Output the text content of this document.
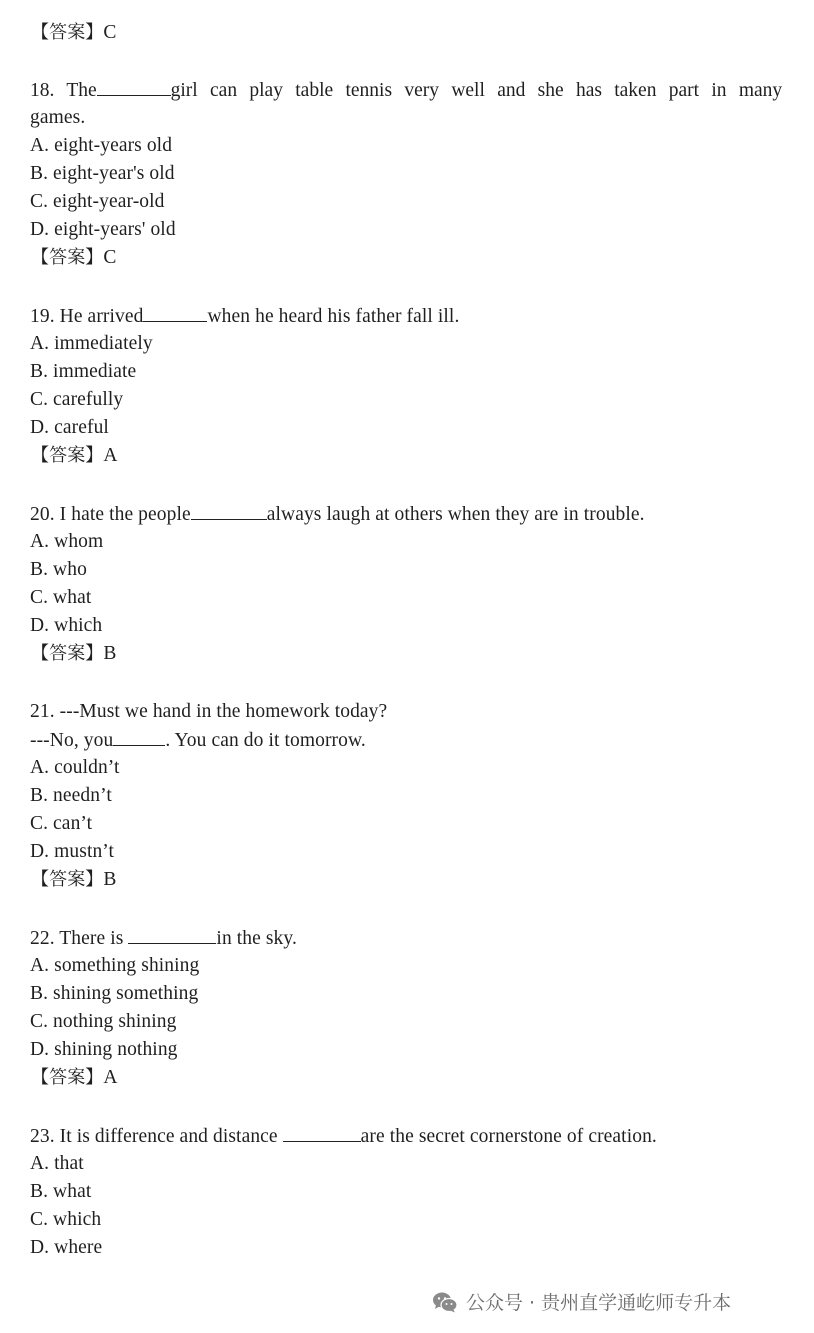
【答案】C
18. The	girl can play table tennis very well and she has taken part in many
games.
A. eight-years old
B. eight-year's old
C. eight-year-old
D. eight-years' old
【答案】C
19. He arrived	when he heard his father fall ill.
A. immediately
B. immediate
C. carefully
D. careful
【答案】A
20. I hate the people	always laugh at others when they are in trouble.
A. whom
B. who
C. what
D. which
【答案】B
21. ---Must we hand in the homework today?
---No, you	. You can do it tomorrow.
A. couldn’t
B. needn’t
C. can’t
D. mustn’t
【答案】B
22. There is	in the sky.
A. something shining
B. shining something
C. nothing shining
D. shining nothing
【答案】A
23. It is difference and distance	are the secret cornerstone of creation.
A. that
B. what
C. which
D. where
公众号 · 贵州直学通屹师专升本
